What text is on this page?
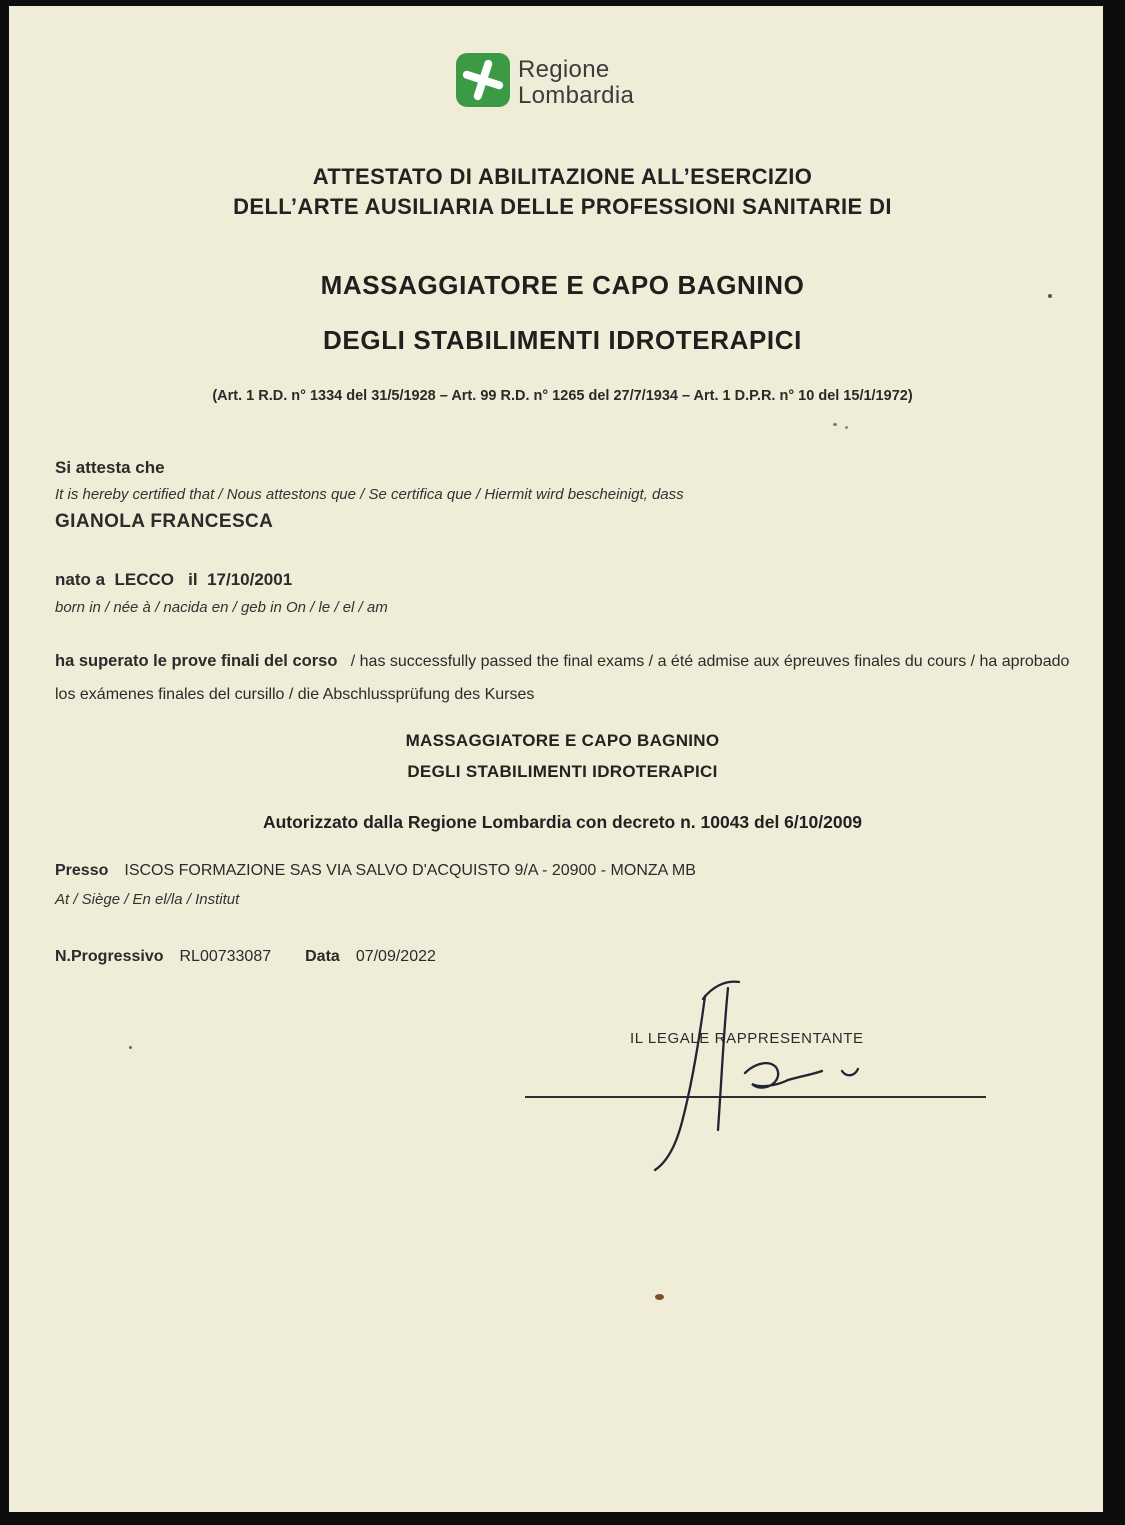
Regione
Lombardia
ATTESTATO DI ABILITAZIONE ALL’ESERCIZIO
DELL’ARTE AUSILIARIA DELLE PROFESSIONI SANITARIE DI
MASSAGGIATORE E CAPO BAGNINO
DEGLI STABILIMENTI IDROTERAPICI
(Art. 1 R.D. n° 1334 del 31/5/1928 – Art. 99 R.D. n° 1265 del 27/7/1934 – Art. 1 D.P.R. n° 10 del 15/1/1972)
Si attesta che
It is hereby certified that / Nous attestons que / Se certifica que / Hiermit wird bescheinigt, dass
GIANOLA FRANCESCA
nato a  LECCO   il  17/10/2001
born in / née à / nacida en / geb in On / le / el / am
ha superato le prove finali del corso   / has successfully passed the final exams / a été admise aux épreuves finales du cours / ha aprobado
los exámenes finales del cursillo / die Abschlussprüfung des Kurses
MASSAGGIATORE E CAPO BAGNINO
DEGLI STABILIMENTI IDROTERAPICI
Autorizzato dalla Regione Lombardia con decreto n. 10043 del 6/10/2009
Presso ISCOS FORMAZIONE SAS VIA SALVO D'ACQUISTO 9/A - 20900 - MONZA MB
At / Siège / En el/la / Institut
N.Progressivo RL00733087 Data 07/09/2022
IL LEGALE RAPPRESENTANTE
